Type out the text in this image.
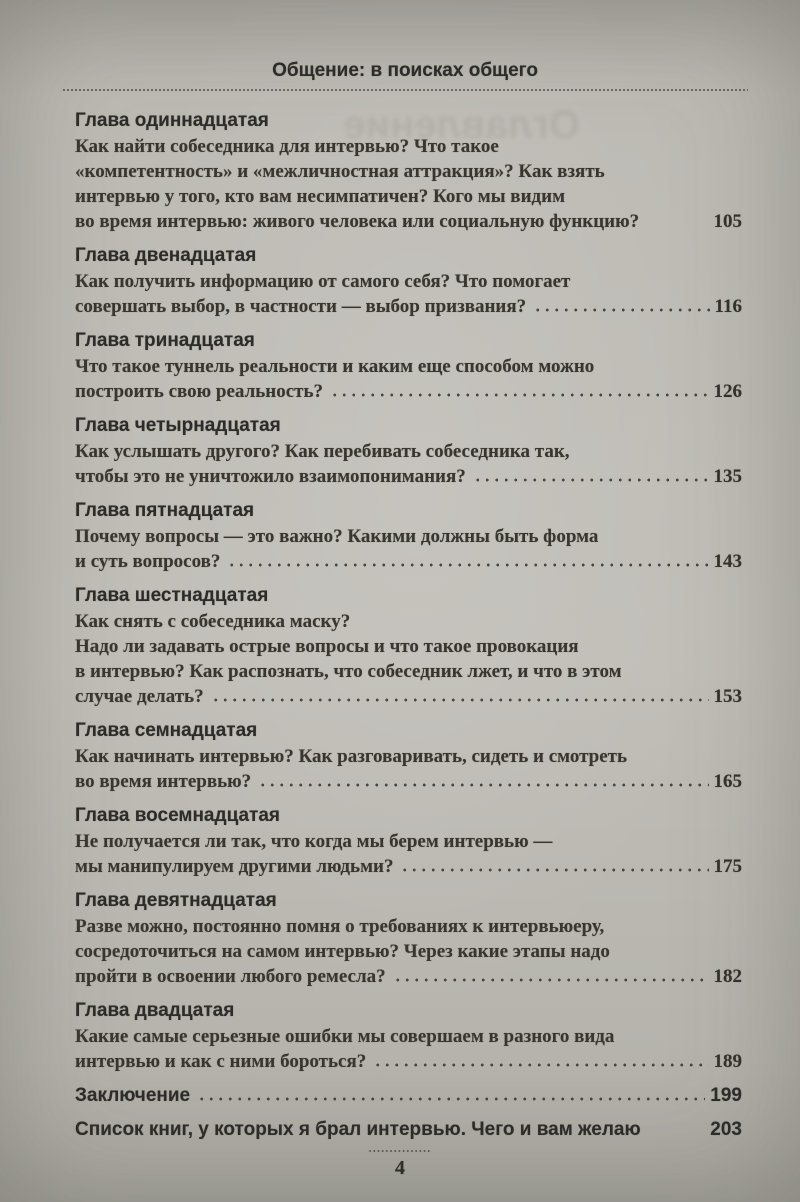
Общение: в поисках общего
Оглавление
Глава одиннадцатая

Как найти собеседника для интервью? Что такое

«компетентность» и «межличностная аттракция»? Как взять

интервью у того, кто вам несимпатичен? Кого мы видим

во время интервью: живого человека или социальную функцию?	105

Глава двенадцатая

Как получить информацию от самого себя? Что помогает

совершать выбор, в частности — выбор призвания?	116

Глава тринадцатая

Что такое туннель реальности и каким еще способом можно

построить свою реальность?	126

Глава четырнадцатая

Как услышать другого? Как перебивать собеседника так,

чтобы это не уничтожило взаимопонимания?	135

Глава пятнадцатая

Почему вопросы — это важно? Какими должны быть форма

и суть вопросов?	143

Глава шестнадцатая

Как снять с собеседника маску?

Надо ли задавать острые вопросы и что такое провокация

в интервью? Как распознать, что собеседник лжет, и что в этом

случае делать?	153

Глава семнадцатая

Как начинать интервью? Как разговаривать, сидеть и смотреть

во время интервью?	165

Глава восемнадцатая

Не получается ли так, что когда мы берем интервью —

мы манипулируем другими людьми?	175

Глава девятнадцатая

Разве можно, постоянно помня о требованиях к интервьюеру,

сосредоточиться на самом интервью? Через какие этапы надо

пройти в освоении любого ремесла?	182

Глава двадцатая

Какие самые серьезные ошибки мы совершаем в разного вида

интервью и как с ними бороться?	189

Заключение	199

Список книг, у которых я брал интервью. Чего и вам желаю	203

4
